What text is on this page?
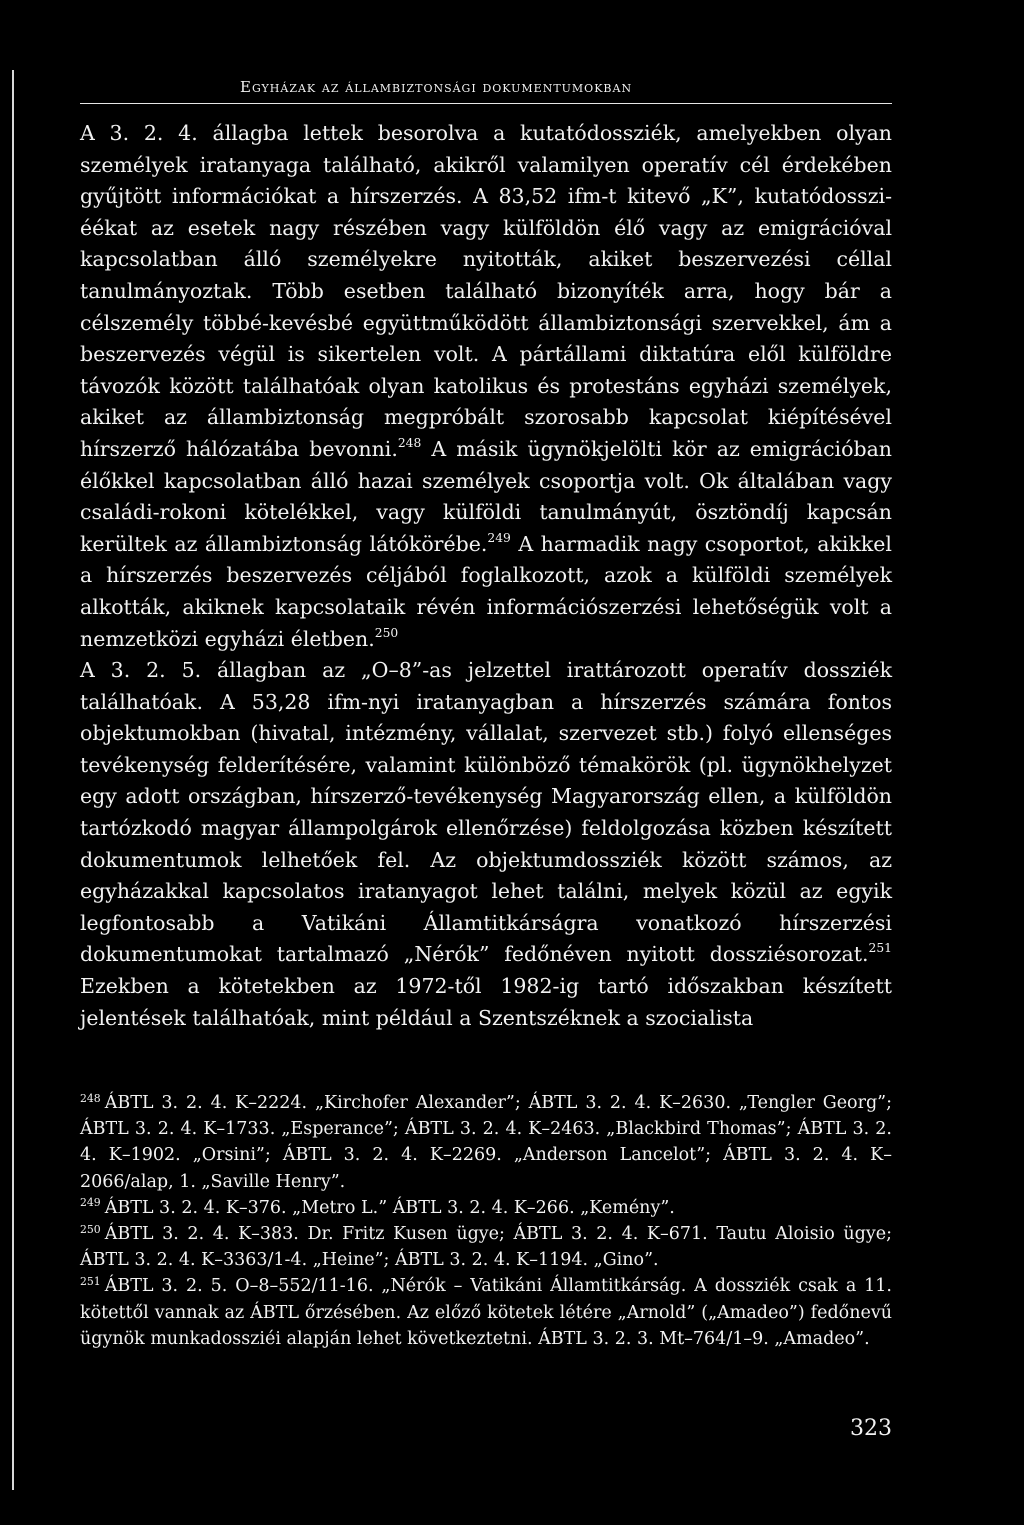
Egyházak az állambiztonsági dokumentumokban

A 3. 2. 4. állagba lettek besorolva a kutatódossziék, amelyekben olyan személyek iratanyaga található, akikről valamilyen operatív cél érdekében gyűjtött információkat a hírszerzés. A 83,52 ifm-t kitevő „K”, kutatódossziéékat az esetek nagy részében vagy külföldön élő vagy az emigrációval kapcsolatban álló személyekre nyitották, akiket beszervezési céllal tanulmányoztak. Több esetben található bizonyíték arra, hogy bár a célszemély többé-kevésbé együttműködött állambiztonsági szervekkel, ám a beszervezés végül is sikertelen volt. A pártállami diktatúra elől külföldre távozók között találhatóak olyan katolikus és protestáns egyházi személyek, akiket az állambiztonság megpróbált szorosabb kapcsolat kiépítésével hírszerző hálózatába bevonni.$^{248}$ A másik ügynökjelölti kör az emigrációban élőkkel kapcsolatban álló hazai személyek csoportja volt. Ok általában vagy családi-rokoni kötelékkel, vagy külföldi tanulmányút, ösztöndíj kapcsán kerültek az állambiztonság látókörébe.$^{249}$ A harmadik nagy csoportot, akikkel a hírszerzés beszervezés céljából foglalkozott, azok a külföldi személyek alkották, akiknek kapcsolataik révén információszerzési lehetőségük volt a nemzetközi egyházi életben.$^{250}$

A 3. 2. 5. állagban az „O–8”-as jelzettel irattározott operatív dossziék találhatóak. A 53,28 ifm-nyi iratanyagban a hírszerzés számára fontos objektumokban (hivatal, intézmény, vállalat, szervezet stb.) folyó ellenséges tevékenység felderítésére, valamint különböző témakörök (pl. ügynökhelyzet egy adott országban, hírszerző-tevékenység Magyarország ellen, a külföldön tartózkodó magyar állampolgárok ellenőrzése) feldolgozása közben készített dokumentumok lelhetőek fel. Az objektumdossziék között számos, az egyházakkal kapcsolatos iratanyagot lehet találni, melyek közül az egyik legfontosabb a Vatikáni Államtitkárságra vonatkozó hírszerzési dokumentumokat tartalmazó „Nérók” fedőnéven nyitott dossziésorozat.$^{251}$ Ezekben a kötetekben az 1972-től 1982-ig tartó időszakban készített jelentések találhatóak, mint például a Szentszéknek a szocialista

$^{248}$ ÁBTL 3. 2. 4. K–2224. „Kirchofer Alexander”; ÁBTL 3. 2. 4. K–2630. „Tengler Georg”; ÁBTL 3. 2. 4. K–1733. „Esperance”; ÁBTL 3. 2. 4. K–2463. „Blackbird Thomas”; ÁBTL 3. 2. 4. K–1902. „Orsini”; ÁBTL 3. 2. 4. K–2269. „Anderson Lancelot”; ÁBTL 3. 2. 4. K–2066/alap, 1. „Saville Henry”.

$^{249}$ ÁBTL 3. 2. 4. K–376. „Metro L.” ÁBTL 3. 2. 4. K–266. „Kemény”.

$^{250}$ ÁBTL 3. 2. 4. K–383. Dr. Fritz Kusen ügye; ÁBTL 3. 2. 4. K–671. Tautu Aloisio ügye; ÁBTL 3. 2. 4. K–3363/1-4. „Heine”; ÁBTL 3. 2. 4. K–1194. „Gino”.

$^{251}$ ÁBTL 3. 2. 5. O–8–552/11-16. „Nérók – Vatikáni Államtitkárság. A dossziék csak a 11. kötettől vannak az ÁBTL őrzésében. Az előző kötetek létére „Arnold” („Amadeo”) fedőnevű ügynök munkadossziéi alapján lehet következtetni. ÁBTL 3. 2. 3. Mt–764/1–9. „Amadeo”.

323
